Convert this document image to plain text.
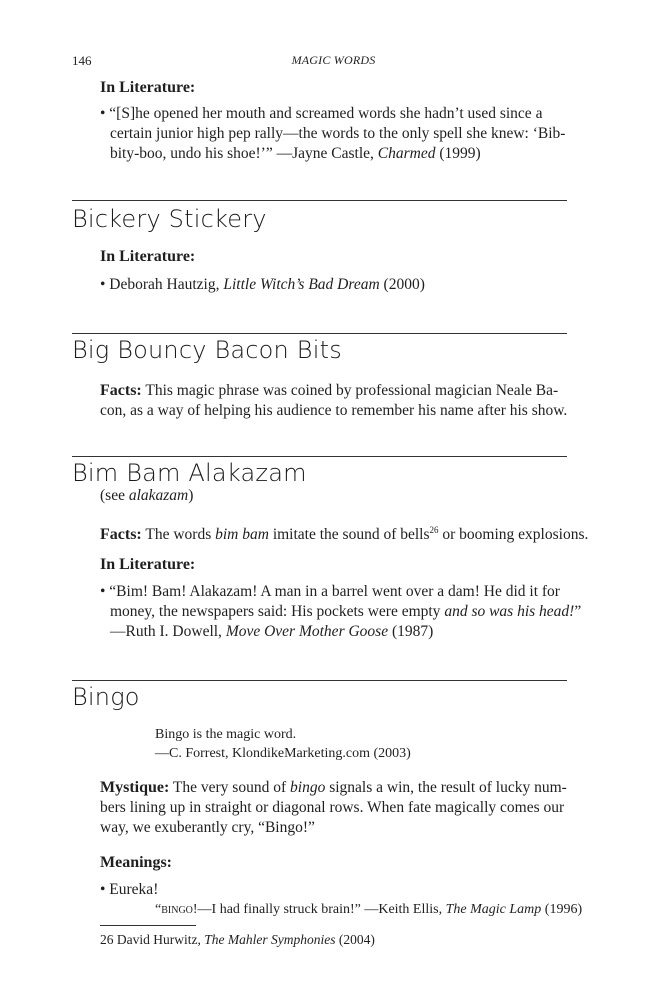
146	MAGIC WORDS
In Literature:
• “[S]he opened her mouth and screamed words she hadn’t used since a
certain junior high pep rally—the words to the only spell she knew: ‘Bib-
bity-boo, undo his shoe!’” —Jayne Castle, Charmed (1999)
Bickery Stickery
In Literature:
• Deborah Hautzig, Little Witch’s Bad Dream (2000)
Big Bouncy Bacon Bits
Facts: This magic phrase was coined by professional magician Neale Ba-
con, as a way of helping his audience to remember his name after his show.
Bim Bam Alakazam
(see alakazam)
Facts: The words bim bam imitate the sound of bells$^{26}$ or booming explosions.
In Literature:
• “Bim! Bam! Alakazam! A man in a barrel went over a dam! He did it for
money, the newspapers said: His pockets were empty and so was his head!”
—Ruth I. Dowell, Move Over Mother Goose (1987)
Bingo
Bingo is the magic word.
—C. Forrest, KlondikeMarketing.com (2003)
Mystique: The very sound of bingo signals a win, the result of lucky num-
bers lining up in straight or diagonal rows. When fate magically comes our
way, we exuberantly cry, “Bingo!”
Meanings:
• Eureka!
“bingo!—I had finally struck brain!” —Keith Ellis, The Magic Lamp (1996)
26 David Hurwitz, The Mahler Symphonies (2004)
